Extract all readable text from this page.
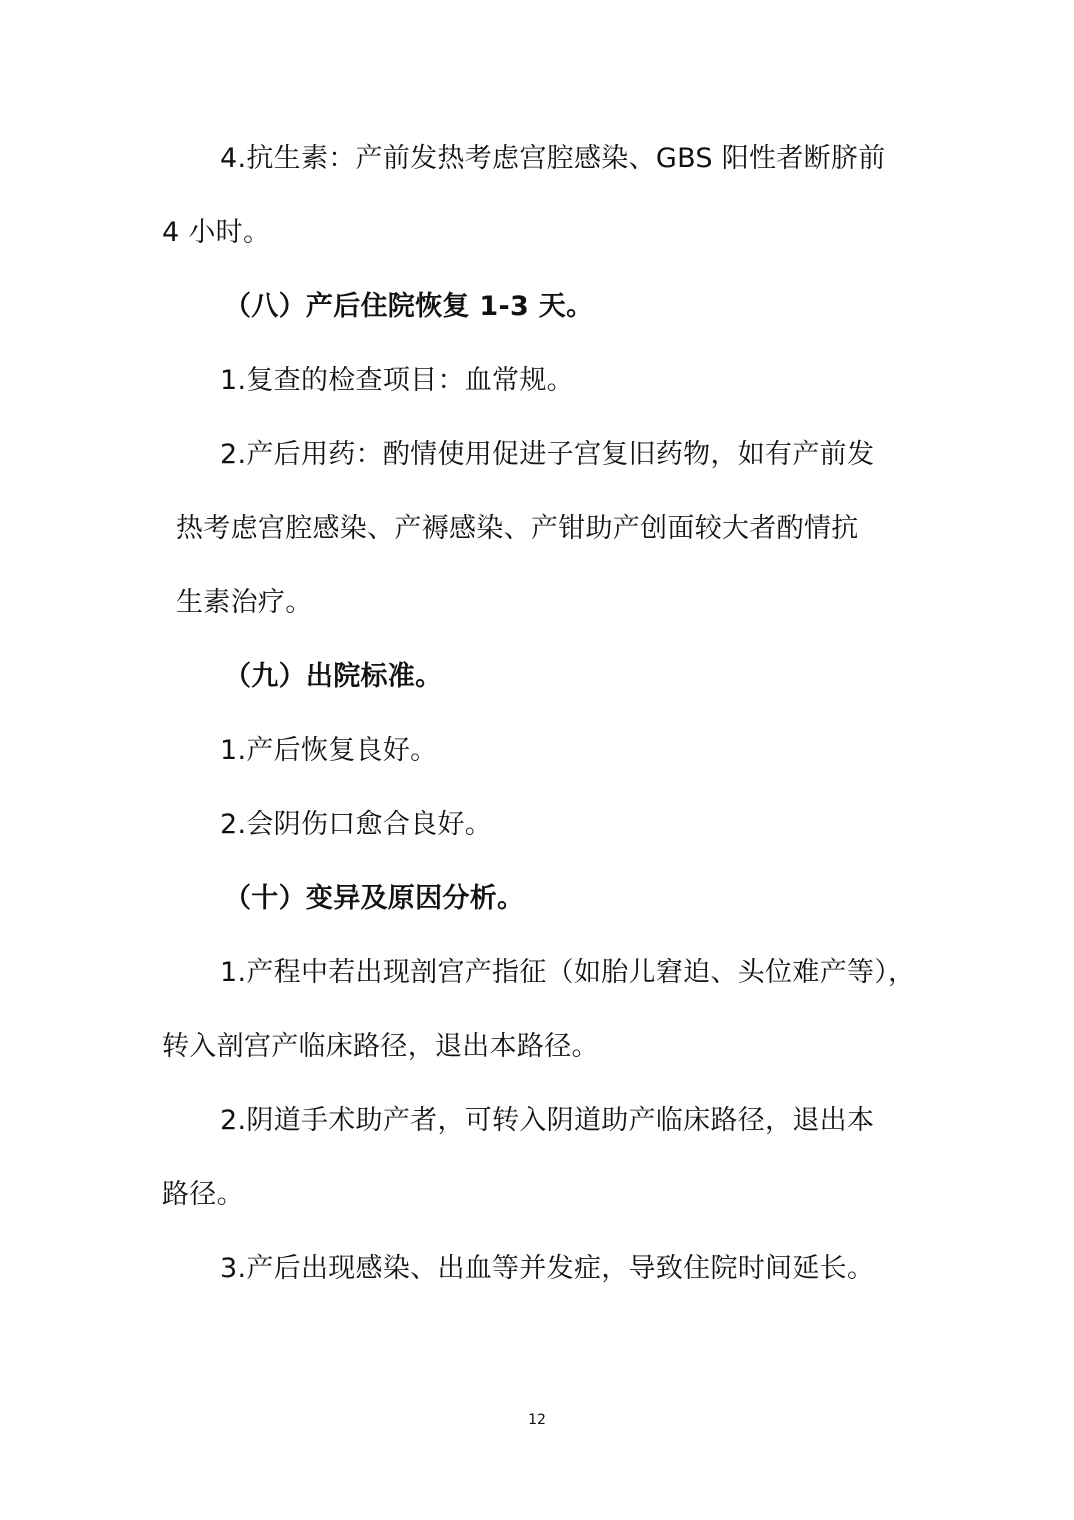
4.抗生素：产前发热考虑宫腔感染、GBS 阳性者断脐前
4 小时。
（八）产后住院恢复 1-3 天。
1.复查的检查项目：血常规。
2.产后用药：酌情使用促进子宫复旧药物，如有产前发
热考虑宫腔感染、产褥感染、产钳助产创面较大者酌情抗
生素治疗。
（九）出院标准。
1.产后恢复良好。
2.会阴伤口愈合良好。
（十）变异及原因分析。
1.产程中若出现剖宫产指征（如胎儿窘迫、头位难产等），
转入剖宫产临床路径，退出本路径。
2.阴道手术助产者，可转入阴道助产临床路径，退出本
路径。
3.产后出现感染、出血等并发症，导致住院时间延长。
12
